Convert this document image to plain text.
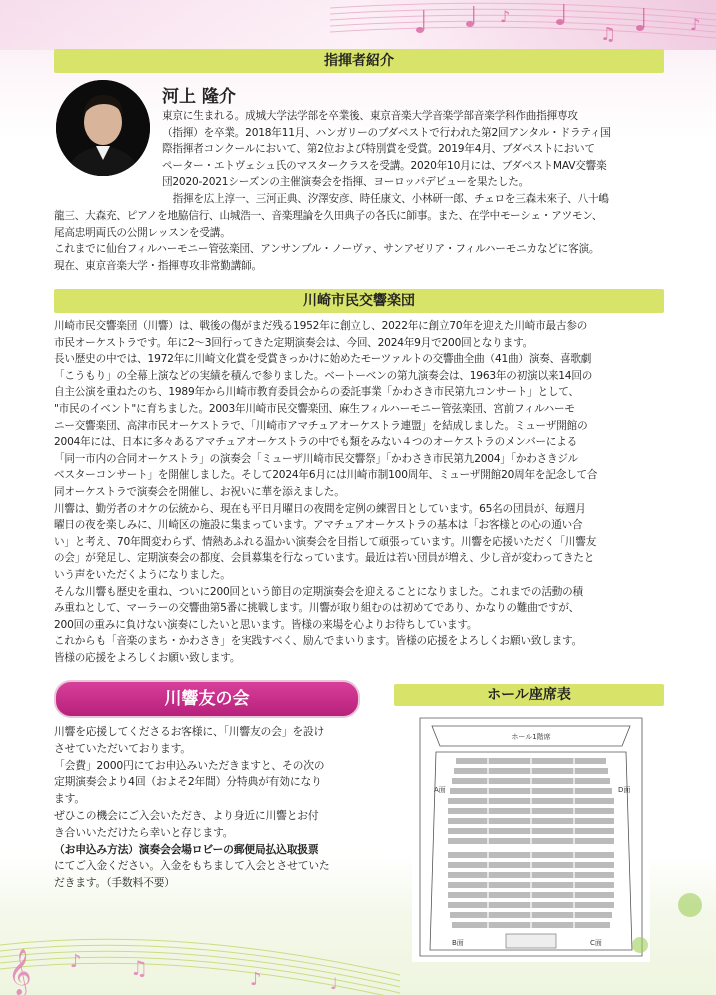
♪
♫	♪
指揮者紹介
河上 隆介

東京に生まれる。成城大学法学部を卒業後、東京音楽大学音楽学部音楽学科作曲指揮専攻

（指揮）を卒業。2018年11月、ハンガリーのブダペストで行われた第2回アンタル・ドラティ国

際指揮者コンクールにおいて、第2位および特別賞を受賞。2019年4月、ブダペストにおいて

ペーター・エトヴェシュ氏のマスタークラスを受講。2020年10月には、ブダペストMAV交響楽

団2020-2021シーズンの主催演奏会を指揮、ヨーロッパデビューを果たした。

指揮を広上淳一、三河正典、汐澤安彦、時任康文、小林研一郎、チェロを三森未來子、八十嶋

龍三、大森充、ピアノを地脇信行、山城浩一、音楽理論を久田典子の各氏に師事。また、在学中モーシェ・アツモン、

尾高忠明両氏の公開レッスンを受講。

これまでに仙台フィルハーモニー管弦楽団、アンサンブル・ノーヴァ、サンアゼリア・フィルハーモニカなどに客演。

現在、東京音楽大学・指揮専攻非常勤講師。

川崎市民交響楽団

川崎市民交響楽団（川響）は、戦後の傷がまだ残る1952年に創立し、2022年に創立70年を迎えた川崎市最古参の

市民オーケストラです。年に2～3回行ってきた定期演奏会は、今回、2024年9月で200回となります。

長い歴史の中では、1972年に川崎文化賞を受賞きっかけに始めたモーツァルトの交響曲全曲（41曲）演奏、喜歌劇

「こうもり」の全幕上演などの実績を積んで参りました。ベートーベンの第九演奏会は、1963年の初演以来14回の

自主公演を重ねたのち、1989年から川崎市教育委員会からの委託事業「かわさき市民第九コンサート」として、

"市民のイベント"に育ちました。2003年川崎市民交響楽団、麻生フィルハーモニー管弦楽団、宮前フィルハーモ

ニー交響楽団、高津市民オーケストラで、「川崎市アマチュアオーケストラ連盟」を結成しました。ミューザ開館の

2004年には、日本に多々あるアマチュアオーケストラの中でも類をみない４つのオーケストラのメンバーによる

「同一市内の合同オーケストラ」の演奏会「ミューザ川崎市民交響祭」「かわさき市民第九2004」「かわさきジル

ベスターコンサート」を開催しました。そして2024年6月には川崎市制100周年、ミューザ開館20周年を記念して合

同オーケストラで演奏会を開催し、お祝いに華を添えました。

川響は、勤労者のオケの伝統から、現在も平日月曜日の夜間を定例の練習日としています。65名の団員が、毎週月

曜日の夜を楽しみに、川崎区の施設に集まっています。アマチュアオーケストラの基本は「お客様との心の通い合

い」と考え、70年間変わらず、情熱あふれる温かい演奏会を目指して頑張っています。川響を応援いただく「川響友

の会」が発足し、定期演奏会の都度、会員募集を行なっています。最近は若い団員が増え、少し音が変わってきたと

いう声をいただくようになりました。

そんな川響も歴史を重ね、ついに200回という節目の定期演奏会を迎えることになりました。これまでの活動の積

み重ねとして、マーラーの交響曲第5番に挑戦します。川響が取り組むのは初めてであり、かなりの難曲ですが、

200回の重みに負けない演奏にしたいと思います。皆様の来場を心よりお待ちしています。

これからも「音楽のまち・かわさき」を実践すべく、励んでまいります。皆様の応援をよろしくお願い致します。

皆様の応援をよろしくお願い致します。

川響友の会

川響を応援してくださるお客様に、「川響友の会」を設け

させていただいております。

「会費」2000円にてお申込みいただきますと、その次の

定期演奏会より4回（およそ2年間）分特典が有効になり

ます。

ぜひこの機会にご入会いただき、より身近に川響とお付

き合いいただけたら幸いと存じます。

（お申込み方法）演奏会会場ロビーの郵便局払込取扱票

にてご入金ください。入金をもちまして入会とさせていた

だきます。（手数料不要）

ホール座席表
ホール1階席
A面	D面
B面	C面
𝄞 ♪ ♫	♪	♩
